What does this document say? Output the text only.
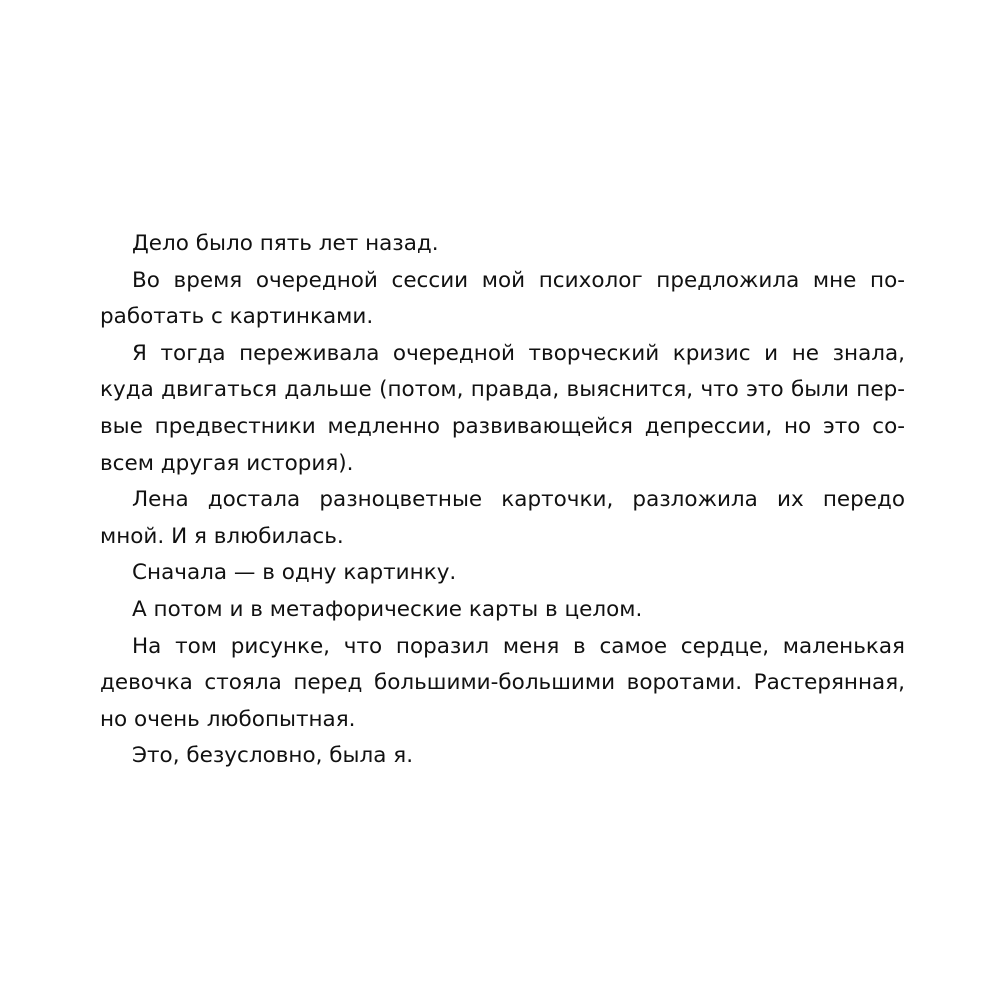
Дело было пять лет назад.
Во время очередной сессии мой психолог предложила мне по-
работать с картинками.
Я тогда переживала очередной творческий кризис и не знала,
куда двигаться дальше (потом, правда, выяснится, что это были пер-
вые предвестники медленно развивающейся депрессии, но это со-
всем другая история).
Лена достала разноцветные карточки, разложила их передо
мной. И я влюбилась.
Сначала — в одну картинку.
А потом и в метафорические карты в целом.
На том рисунке, что поразил меня в самое сердце, маленькая
девочка стояла перед большими-большими воротами. Растерянная,
но очень любопытная.
Это, безусловно, была я.
